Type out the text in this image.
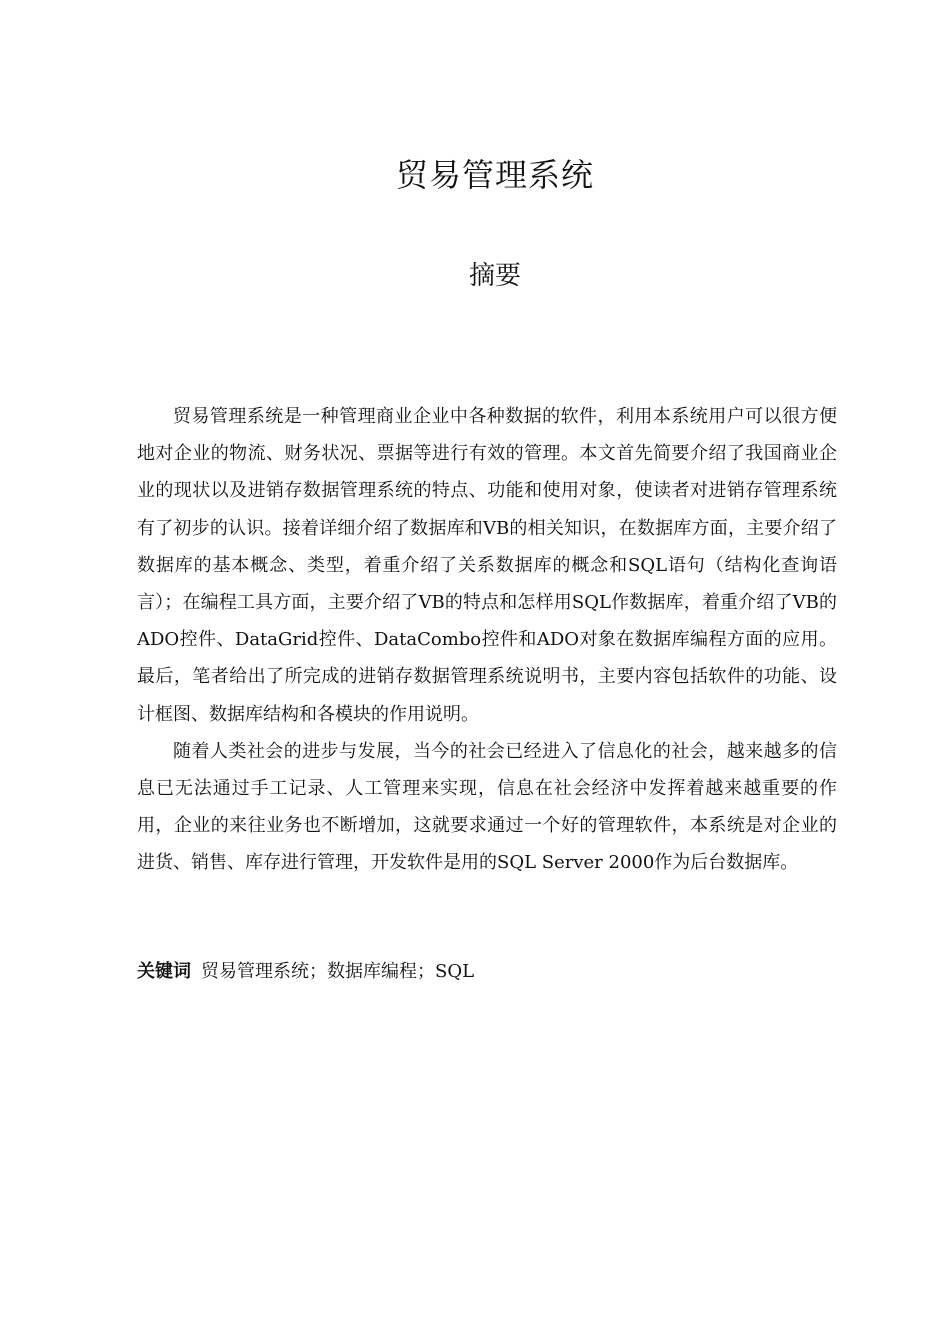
贸易管理系统
摘要

贸易管理系统是一种管理商业企业中各种数据的软件，利用本系统用户可以很方便地对企业的物流、财务状况、票据等进行有效的管理。本文首先简要介绍了我国商业企业的现状以及进销存数据管理系统的特点、功能和使用对象，使读者对进销存管理系统有了初步的认识。接着详细介绍了数据库和VB的相关知识，在数据库方面，主要介绍了数据库的基本概念、类型，着重介绍了关系数据库的概念和SQL语句（结构化查询语言）；在编程工具方面，主要介绍了VB的特点和怎样用SQL作数据库，着重介绍了VB的ADO控件、DataGrid控件、DataCombo控件和ADO对象在数据库编程方面的应用。最后，笔者给出了所完成的进销存数据管理系统说明书，主要内容包括软件的功能、设计框图、数据库结构和各模块的作用说明。

随着人类社会的进步与发展，当今的社会已经进入了信息化的社会，越来越多的信息已无法通过手工记录、人工管理来实现，信息在社会经济中发挥着越来越重要的作用，企业的来往业务也不断增加，这就要求通过一个好的管理软件，本系统是对企业的进货、销售、库存进行管理，开发软件是用的SQL Server 2000作为后台数据库。

关键词 贸易管理系统；数据库编程；SQL
